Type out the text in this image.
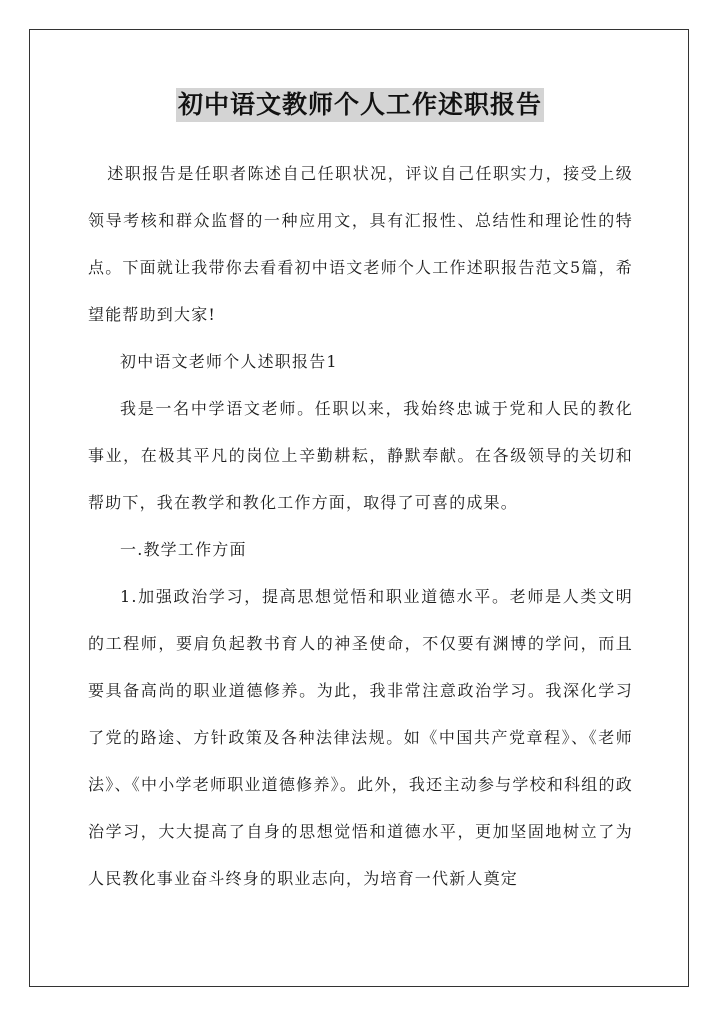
初中语文教师个人工作述职报告

述职报告是任职者陈述自己任职状况，评议自己任职实力，接受上级领导考核和群众监督的一种应用文，具有汇报性、总结性和理论性的特点。下面就让我带你去看看初中语文老师个人工作述职报告范文5篇，希望能帮助到大家!

初中语文老师个人述职报告1

我是一名中学语文老师。任职以来，我始终忠诚于党和人民的教化事业，在极其平凡的岗位上辛勤耕耘，静默奉献。在各级领导的关切和帮助下，我在教学和教化工作方面，取得了可喜的成果。

一.教学工作方面

1.加强政治学习，提高思想觉悟和职业道德水平。老师是人类文明的工程师，要肩负起教书育人的神圣使命，不仅要有渊博的学问，而且要具备高尚的职业道德修养。为此，我非常注意政治学习。我深化学习了党的路途、方针政策及各种法律法规。如《中国共产党章程》、《老师法》、《中小学老师职业道德修养》。此外，我还主动参与学校和科组的政治学习，大大提高了自身的思想觉悟和道德水平，更加坚固地树立了为人民教化事业奋斗终身的职业志向，为培育一代新人奠定
